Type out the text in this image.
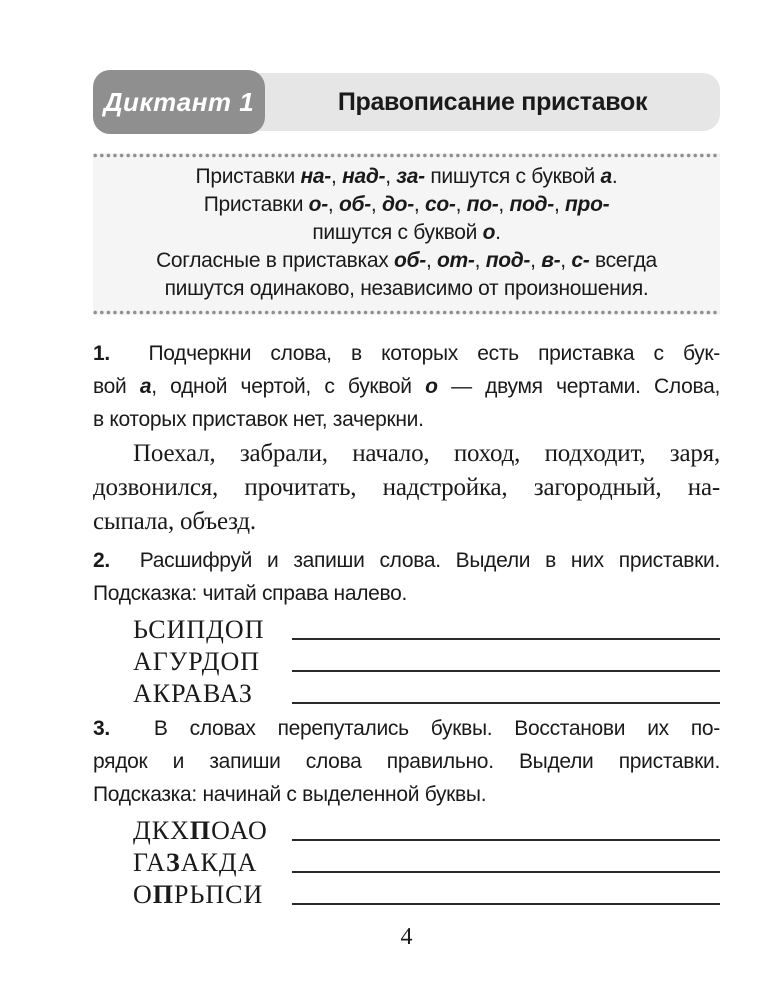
Диктант 1	Правописание приставок
Приставки на-, над-, за- пишутся с буквой а.
Приставки о-, об-, до-, со-, по-, под-, про-
пишутся с буквой о.
Согласные в приставках об-, от-, под-, в-, с- всегда
пишутся одинаково, независимо от произношения.
1.  Подчеркни слова, в которых есть приставка с бук-
вой а, одной чертой, с буквой о — двумя чертами. Слова,
в которых приставок нет, зачеркни.
Поехал, забрали, начало, поход, подходит, заря,
дозвонился, прочитать, надстройка, загородный, на-
сыпала, объезд.
2.  Расшифруй и запиши слова. Выдели в них приставки.
Подсказка: читай справа налево.
ЬСИПДОП
АГУРДОП
АКРАВАЗ
3.  В словах перепутались буквы. Восстанови их по-
рядок и запиши слова правильно. Выдели приставки.
Подсказка: начинай с выделенной буквы.
ДКХПОАО
ГАЗАКДА
ОПРЬПСИ
4
